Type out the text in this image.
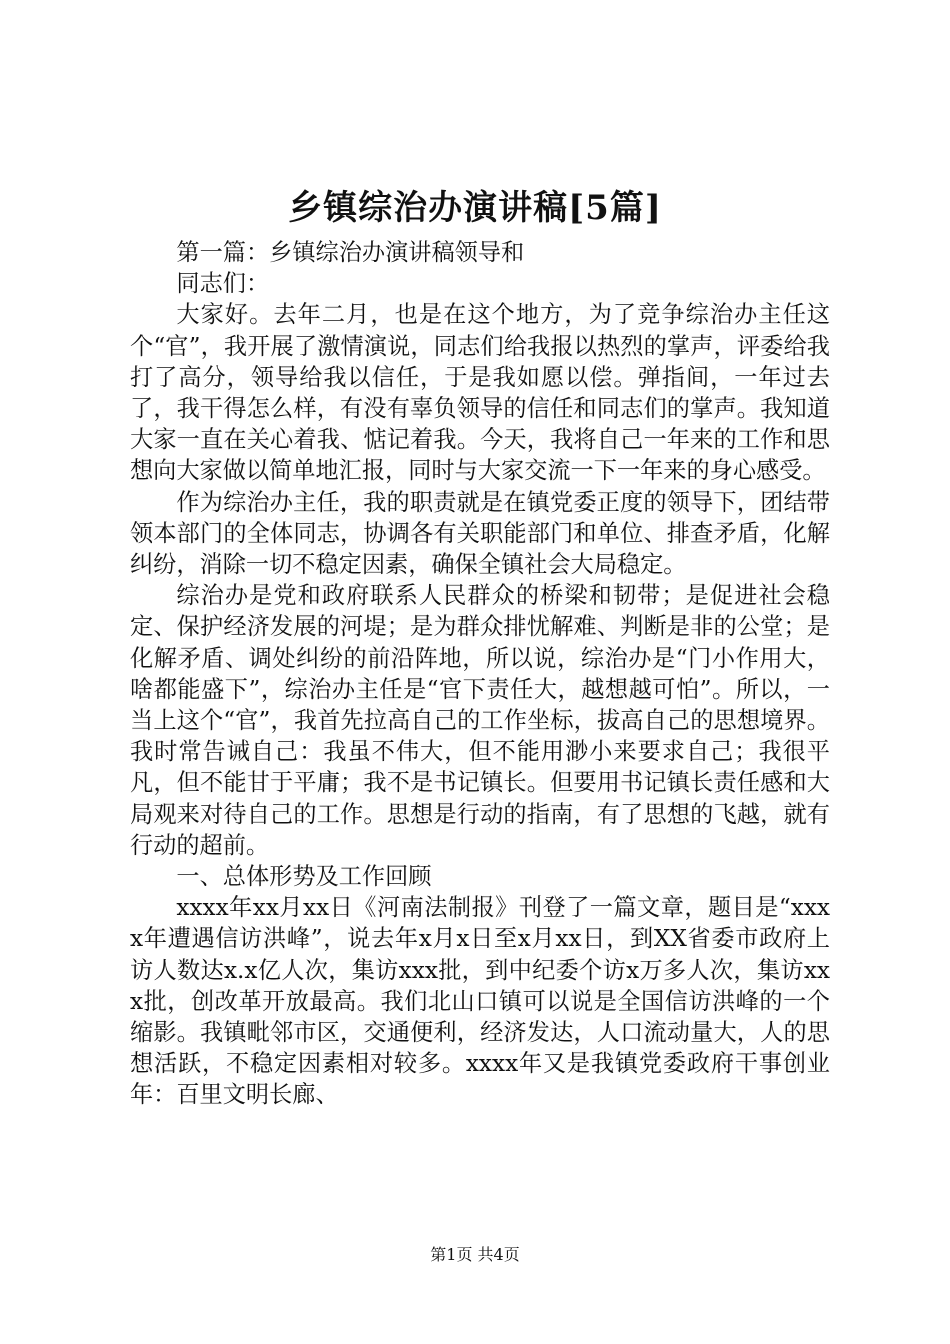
乡镇综治办演讲稿[5篇]

第一篇：乡镇综治办演讲稿领导和

同志们：

大家好。去年二月，也是在这个地方，为了竞争综治办主任这个“官”，我开展了激情演说，同志们给我报以热烈的掌声，评委给我打了高分，领导给我以信任，于是我如愿以偿。弹指间，一年过去了，我干得怎么样，有没有辜负领导的信任和同志们的掌声。我知道大家一直在关心着我、惦记着我。今天，我将自己一年来的工作和思想向大家做以简单地汇报，同时与大家交流一下一年来的身心感受。

作为综治办主任，我的职责就是在镇党委正度的领导下，团结带领本部门的全体同志，协调各有关职能部门和单位、排查矛盾，化解纠纷，消除一切不稳定因素，确保全镇社会大局稳定。

综治办是党和政府联系人民群众的桥梁和韧带；是促进社会稳定、保护经济发展的河堤；是为群众排忧解难、判断是非的公堂；是化解矛盾、调处纠纷的前沿阵地，所以说，综治办是“门小作用大，啥都能盛下”，综治办主任是“官下责任大，越想越可怕”。所以，一当上这个“官”，我首先拉高自己的工作坐标，拔高自己的思想境界。我时常告诫自己：我虽不伟大，但不能用渺小来要求自己；我很平凡，但不能甘于平庸；我不是书记镇长。但要用书记镇长责任感和大局观来对待自己的工作。思想是行动的指南，有了思想的飞越，就有行动的超前。

一、总体形势及工作回顾

xxxx年xx月xx日《河南法制报》刊登了一篇文章，题目是“xxxx年遭遇信访洪峰”，说去年x月x日至x月xx日，到XX省委市政府上访人数达x.x亿人次，集访xxx批，到中纪委个访x万多人次，集访xxx批，创改革开放最高。我们北山口镇可以说是全国信访洪峰的一个缩影。我镇毗邻市区，交通便利，经济发达，人口流动量大，人的思想活跃，不稳定因素相对较多。xxxx年又是我镇党委政府干事创业年：百里文明长廊、

第1页 共4页
